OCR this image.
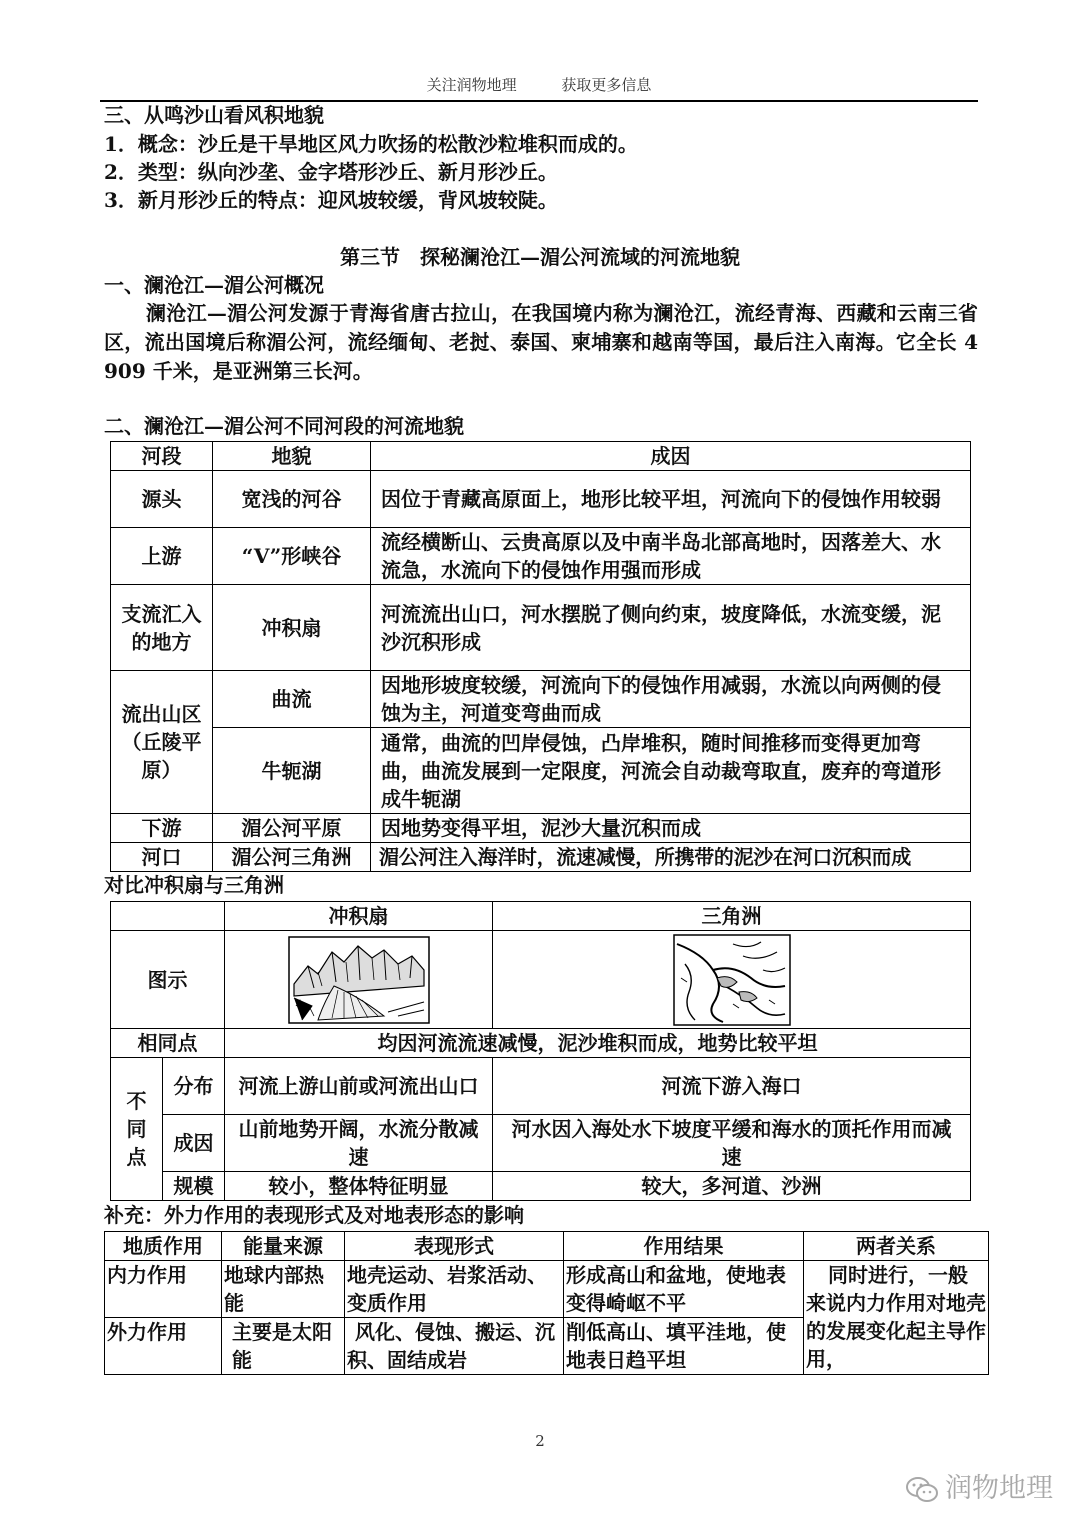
关注润物地理	获取更多信息
三、从鸣沙山看风积地貌
1．概念：沙丘是干旱地区风力吹扬的松散沙粒堆积而成的。
2．类型：纵向沙垄、金字塔形沙丘、新月形沙丘。
3．新月形沙丘的特点：迎风坡较缓，背风坡较陡。
第三节　探秘澜沧江—湄公河流域的河流地貌
一、澜沧江—湄公河概况
澜沧江—湄公河发源于青海省唐古拉山，在我国境内称为澜沧江，流经青海、西藏和云南三省区，流出国境后称湄公河，流经缅甸、老挝、泰国、柬埔寨和越南等国，最后注入南海。它全长 4 909 千米，是亚洲第三长河。
二、澜沧江—湄公河不同河段的河流地貌
河段	地貌	成因
源头	宽浅的河谷	因位于青藏高原面上，地形比较平坦，河流向下的侵蚀作用较弱
上游	“V”形峡谷	流经横断山、云贵高原以及中南半岛北部高地时，因落差大、水流急，水流向下的侵蚀作用强而形成
支流汇入的地方	冲积扇	河流流出山口，河水摆脱了侧向约束，坡度降低，水流变缓，泥沙沉积形成
流出山区（丘陵平原）	曲流	因地形坡度较缓，河流向下的侵蚀作用减弱，水流以向两侧的侵蚀为主，河道变弯曲而成
	牛轭湖	通常，曲流的凹岸侵蚀，凸岸堆积，随时间推移而变得更加弯曲，曲流发展到一定限度，河流会自动裁弯取直，废弃的弯道形成牛轭湖
下游	湄公河平原	因地势变得平坦，泥沙大量沉积而成
河口	湄公河三角洲	湄公河注入海洋时，流速减慢，所携带的泥沙在河口沉积而成
对比冲积扇与三角洲
		冲积扇	三角洲
图示	

相同点		均因河流流速减慢，泥沙堆积而成，地势比较平坦	

不同点	分布	河流上游山前或河流出山口	河流下游入海口
	成因	山前地势开阔，水流分散减速	河水因入海处水下坡度平缓和海水的顶托作用而减速
	规模	较小，整体特征明显	较大，多河道、沙洲
补充：外力作用的表现形式及对地表形态的影响
地质作用	能量来源	表现形式	作用结果	两者关系
内力作用	地球内部热能	地壳运动、岩浆活动、变质作用	形成高山和盆地，使地表变得崎岖不平	同时进行，一般来说内力作用对地壳的发展变化起主导作用，
外力作用	主要是太阳能	风化、侵蚀、搬运、沉积、固结成岩	削低高山、填平洼地，使地表日趋平坦	
2
润物地理
